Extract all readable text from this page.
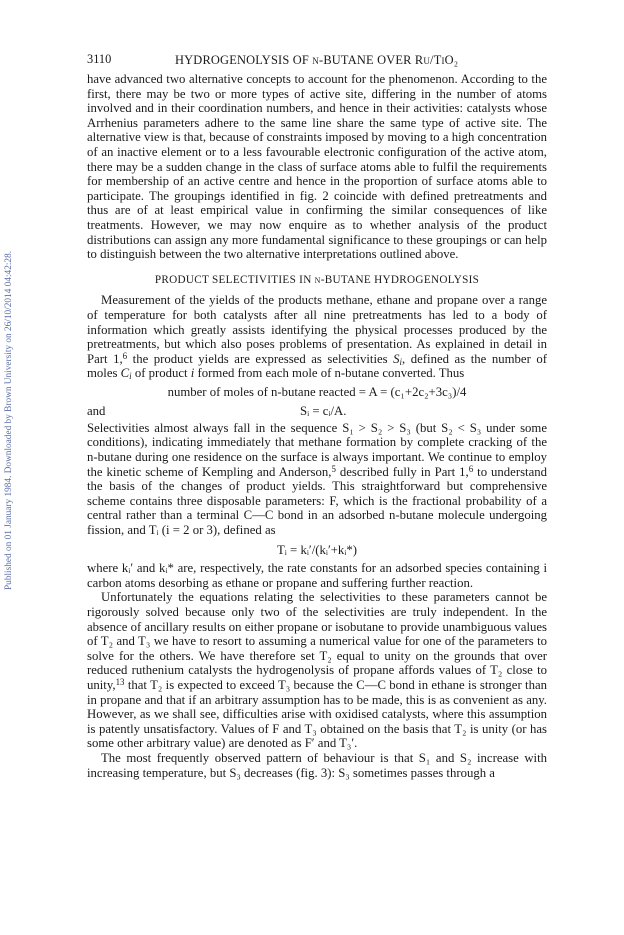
Published on 01 January 1984. Downloaded by Brown University on 26/10/2014 04:42:28.
3110	HYDROGENOLYSIS OF n-BUTANE OVER Ru/TiO₂

have advanced two alternative concepts to account for the phenomenon. According to the first, there may be two or more types of active site, differing in the number of atoms involved and in their coordination numbers, and hence in their activities: catalysts whose Arrhenius parameters adhere to the same line share the same type of active site. The alternative view is that, because of constraints imposed by moving to a high concentration of an inactive element or to a less favourable electronic configuration of the active atom, there may be a sudden change in the class of surface atoms able to fulfil the requirements for membership of an active centre and hence in the proportion of surface atoms able to participate. The groupings identified in fig. 2 coincide with defined pretreatments and thus are of at least empirical value in confirming the similar consequences of like treatments. However, we may now enquire as to whether analysis of the product distributions can assign any more fundamental significance to these groupings or can help to distinguish between the two alternative interpretations outlined above.

PRODUCT SELECTIVITIES IN n-BUTANE HYDROGENOLYSIS

Measurement of the yields of the products methane, ethane and propane over a range of temperature for both catalysts after all nine pretreatments has led to a body of information which greatly assists identifying the physical processes produced by the pretreatments, but which also poses problems of presentation. As explained in detail in Part 1,$^6$ the product yields are expressed as selectivities $S_i$, defined as the number of moles $C_i$ of product i formed from each mole of n-butane converted. Thus

number of moles of n-butane reacted = A = (c₁+2c₂+3c₃)/4
and	Sᵢ = cᵢ/A.

Selectivities almost always fall in the sequence S₁ > S₂ > S₃ (but S₂ < S₃ under some conditions), indicating immediately that methane formation by complete cracking of the n-butane during one residence on the surface is always important. We continue to employ the kinetic scheme of Kempling and Anderson,$^5$ described fully in Part 1,$^6$ to understand the basis of the changes of product yields. This straightforward but comprehensive scheme contains three disposable parameters: F, which is the fractional probability of a central rather than a terminal C—C bond in an adsorbed n-butane molecule undergoing fission, and Tᵢ (i = 2 or 3), defined as

Tᵢ = kᵢ′/(kᵢ′+kᵢ*)

where kᵢ′ and kᵢ* are, respectively, the rate constants for an adsorbed species containing i carbon atoms desorbing as ethane or propane and suffering further reaction.

Unfortunately the equations relating the selectivities to these parameters cannot be rigorously solved because only two of the selectivities are truly independent. In the absence of ancillary results on either propane or isobutane to provide unambiguous values of T₂ and T₃ we have to resort to assuming a numerical value for one of the parameters to solve for the others. We have therefore set T₂ equal to unity on the grounds that over reduced ruthenium catalysts the hydrogenolysis of propane affords values of T₂ close to unity,$^{13}$ that T₂ is expected to exceed T₃ because the C—C bond in ethane is stronger than in propane and that if an arbitrary assumption has to be made, this is as convenient as any. However, as we shall see, difficulties arise with oxidised catalysts, where this assumption is patently unsatisfactory. Values of F and T₃ obtained on the basis that T₂ is unity (or has some other arbitrary value) are denoted as F′ and T₃′.

The most frequently observed pattern of behaviour is that S₁ and S₂ increase with increasing temperature, but S₃ decreases (fig. 3): S₃ sometimes passes through a
